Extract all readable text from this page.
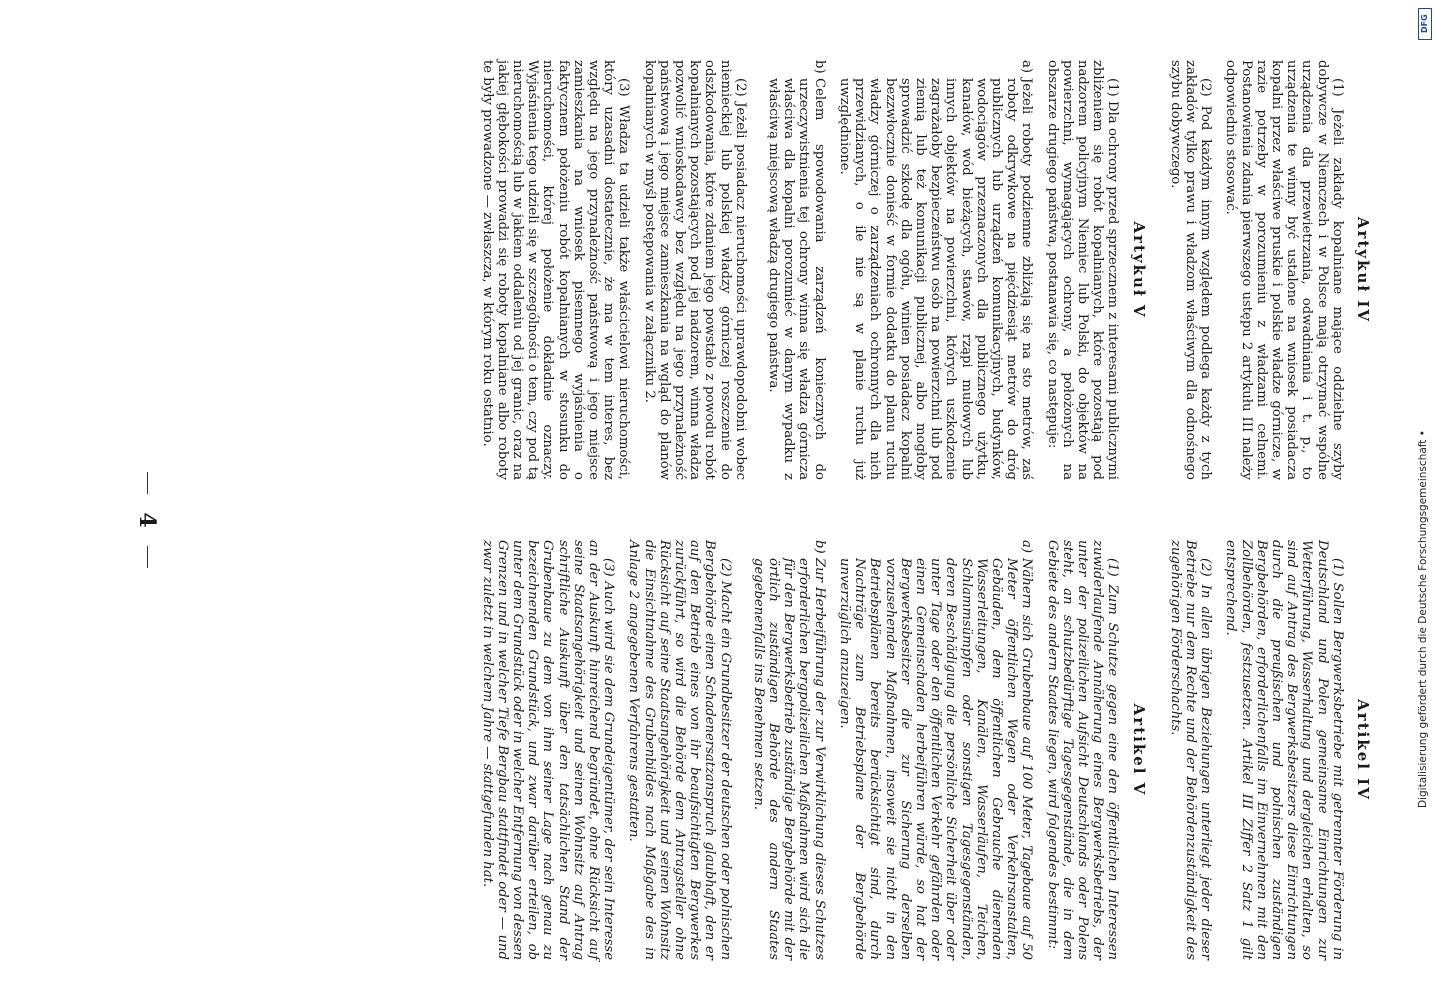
Artykuł IV

(1) Jeżeli zakłady kopalniane mające oddzielne szyby dobywcze w Niemczech i w Polsce mają otrzymać wspólne urządzenia dla przewietrzania, odwadniania i t. p., to urządzenia te winny być ustalone na wniosek posiadacza kopalni przez właściwe pruskie i polskie władze górnicze, w razie potrzeby w porozumieniu z władzami celnemi. Postanowienia zdania pierwszego ustępu 2 artykułu III należy odpowiednio stosować.

(2) Pod każdym innym względem podlega każdy z tych zakładów tylko prawu i władzom właściwym dla odnośnego szybu dobywczego.

Artykuł V

(1) Dla ochrony przed sprzecznem z interesami publicznymi zbliżeniem się robót kopalnianych, które pozostają pod nadzorem policyjnym Niemiec lub Polski, do objektów na powierzchni, wymagających ochrony, a położonych na obszarze drugiego państwa, postanawia się, co następuje:

a)
Jeżeli roboty podziemne zbliżają się na sto metrów, zaś roboty odkrywkowe na pięćdziesiąt metrów do dróg publicznych lub urządzeń komunikacyjnych, budynków, wodociągów przeznaczonych dla publicznego użytku, kanałów, wód bieżących, stawów, rząpi mułowych lub innych objektów na powierzchni, których uszkodzenie zagrażałoby bezpieczeństwu osób na powierzchni lub pod ziemią lub też komunikacji publicznej, albo mogłoby sprowadzić szkodę dla ogółu, winien posiadacz kopalni bezzwłocznie donieść w formie dodatku do planu ruchu władzy górniczej o zarządzeniach ochronnych dla nich przewidzianych, o ile nie są w planie ruchu już uwzględnione.

b)
Celem spowodowania zarządzeń koniecznych do urzeczywistnienia tej ochrony winna się władza górnicza właściwa dla kopalni porozumieć w danym wypadku z właściwą miejscową władzą drugiego państwa.

(2) Jeżeli posiadacz nieruchomości uprawdopodobni wobec niemieckiej lub polskiej władzy górniczej roszczenie do odszkodowania, które zdaniem jego powstało z powodu robót kopalnianych pozostających pod jej nadzorem, winna władza pozwolić wnioskodawcy bez względu na jego przynależność państwową i jego miejsce zamieszkania na wgląd do planów kopalnianych w myśl postępowania w załączniku 2.

(3) Władza ta udzieli także właścicielowi nieruchomości, który uzasadni dostatecznie, że ma w tem interes, bez względu na jego przynależność państwową i jego miejsce zamieszkania na wniosek pisemnego wyjaśnienia o faktycznem położeniu robót kopalnianych w stosunku do nieruchomości, której położenie dokładnie oznaczy. Wyjaśnienia tego udzieli się w szczególności o tem, czy pod tą nieruchomością lub w jakiem oddaleniu od jej granic, oraz na jakiej głębokości prowadzi się roboty kopalniane albo roboty te były prowadzone — zwłaszcza, w którym roku ostatnio.

4
Artikel IV

(1) Sollen Bergwerksbetriebe mit getrennter Förderung in Deutschland und Polen gemeinsame Einrichtungen zur Wetterführung, Wasserhaltung und dergleichen erhalten, so sind auf Antrag des Bergwerksbesitzers diese Einrichtungen durch die preußischen und polnischen zuständigen Bergbehörden, erforderlichenfalls im Einvernehmen mit den Zollbehörden, festzusetzen. Artikel III Ziffer 2 Satz 1 gilt entsprechend.

(2) In allen übrigen Beziehungen unterliegt jeder dieser Betriebe nur dem Rechte und der Behördenzuständigkeit des zugehörigen Förderschachts.

Artikel V

(1) Zum Schutze gegen eine den öffentlichen Interessen zuwiderlaufende Annäherung eines Bergwerksbetriebs, der unter der polizeilichen Aufsicht Deutschlands oder Polens steht, an schutzbedürftige Tagesgegenstände, die in dem Gebiete des andern Staates liegen, wird folgendes bestimmt:

a)
Nähern sich Grubenbaue auf 100 Meter, Tagebaue auf 50 Meter öffentlichen Wegen oder Verkehrsanstalten, Gebäuden, dem öffentlichen Gebrauche dienenden Wasserleitungen, Kanälen, Wasserläufen, Teichen, Schlammsümpfen oder sonstigen Tagesgegenständen, deren Beschädigung die persönliche Sicherheit über oder unter Tage oder den öffentlichen Verkehr gefährden oder einen Gemeinschaden herbeiführen würde, so hat der Bergwerksbesitzer die zur Sicherung derselben vorzusehenden Maßnahmen, insoweit sie nicht in den Betriebsplänen bereits berücksichtigt sind, durch Nachträge zum Betriebsplane der Bergbehörde unverzüglich anzuzeigen.

b)
Zur Herbeiführung der zur Verwirklichung dieses Schutzes erforderlichen bergpolizeilichen Maßnahmen wird sich die für den Bergwerksbetrieb zuständige Bergbehörde mit der örtlich zuständigen Behörde des andern Staates gegebenenfalls ins Benehmen setzen.

(2) Macht ein Grundbesitzer der deutschen oder polnischen Bergbehörde einen Schadenersatzanspruch glaubhaft, den er auf den Betrieb eines von ihr beaufsichtigten Bergwerkes zurückführt, so wird die Behörde dem Antragsteller ohne Rücksicht auf seine Staatsangehörigkeit und seinen Wohnsitz die Einsichtnahme des Grubenbildes nach Maßgabe des in Anlage 2 angegebenen Verfahrens gestatten.

(3) Auch wird sie dem Grundeigentümer, der sein Interesse an der Auskunft hinreichend begründet, ohne Rücksicht auf seine Staatsangehörigkeit und seinen Wohnsitz auf Antrag schriftliche Auskunft über den tatsächlichen Stand der Grubenbaue zu dem von ihm seiner Lage nach genau zu bezeichnenden Grundstück, und zwar darüber erteilen, ob unter dem Grundstück oder in welcher Entfernung von dessen Grenzen und in welcher Tiefe Bergbau stattfindet oder — und zwar zuletzt in welchem Jahre — stattgefunden hat.

DFG
Digitalisierung gefördert durch die Deutsche Forschungsgemeinschaft •
